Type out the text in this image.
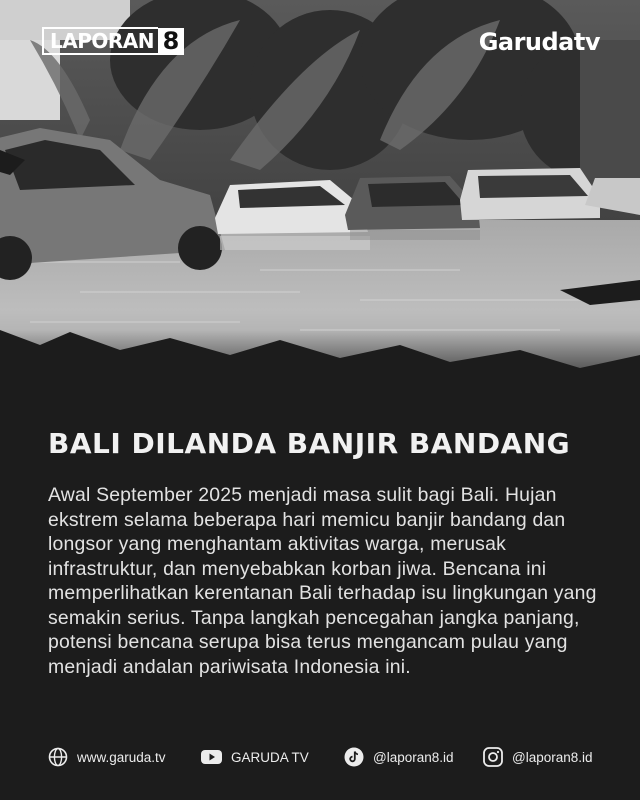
LAPORAN 8	Garudatv
BALI DILANDA BANJIR BANDANG

Awal September 2025 menjadi masa sulit bagi Bali. Hujan ekstrem selama beberapa hari memicu banjir bandang dan longsor yang menghantam aktivitas warga, merusak infrastruktur, dan menyebabkan korban jiwa. Bencana ini memperlihatkan kerentanan Bali terhadap isu lingkungan yang semakin serius. Tanpa langkah pencegahan jangka panjang, potensi bencana serupa bisa terus mengancam pulau yang menjadi andalan pariwisata Indonesia ini.

www.garuda.tv	GARUDA TV	@laporan8.id	@laporan8.id
